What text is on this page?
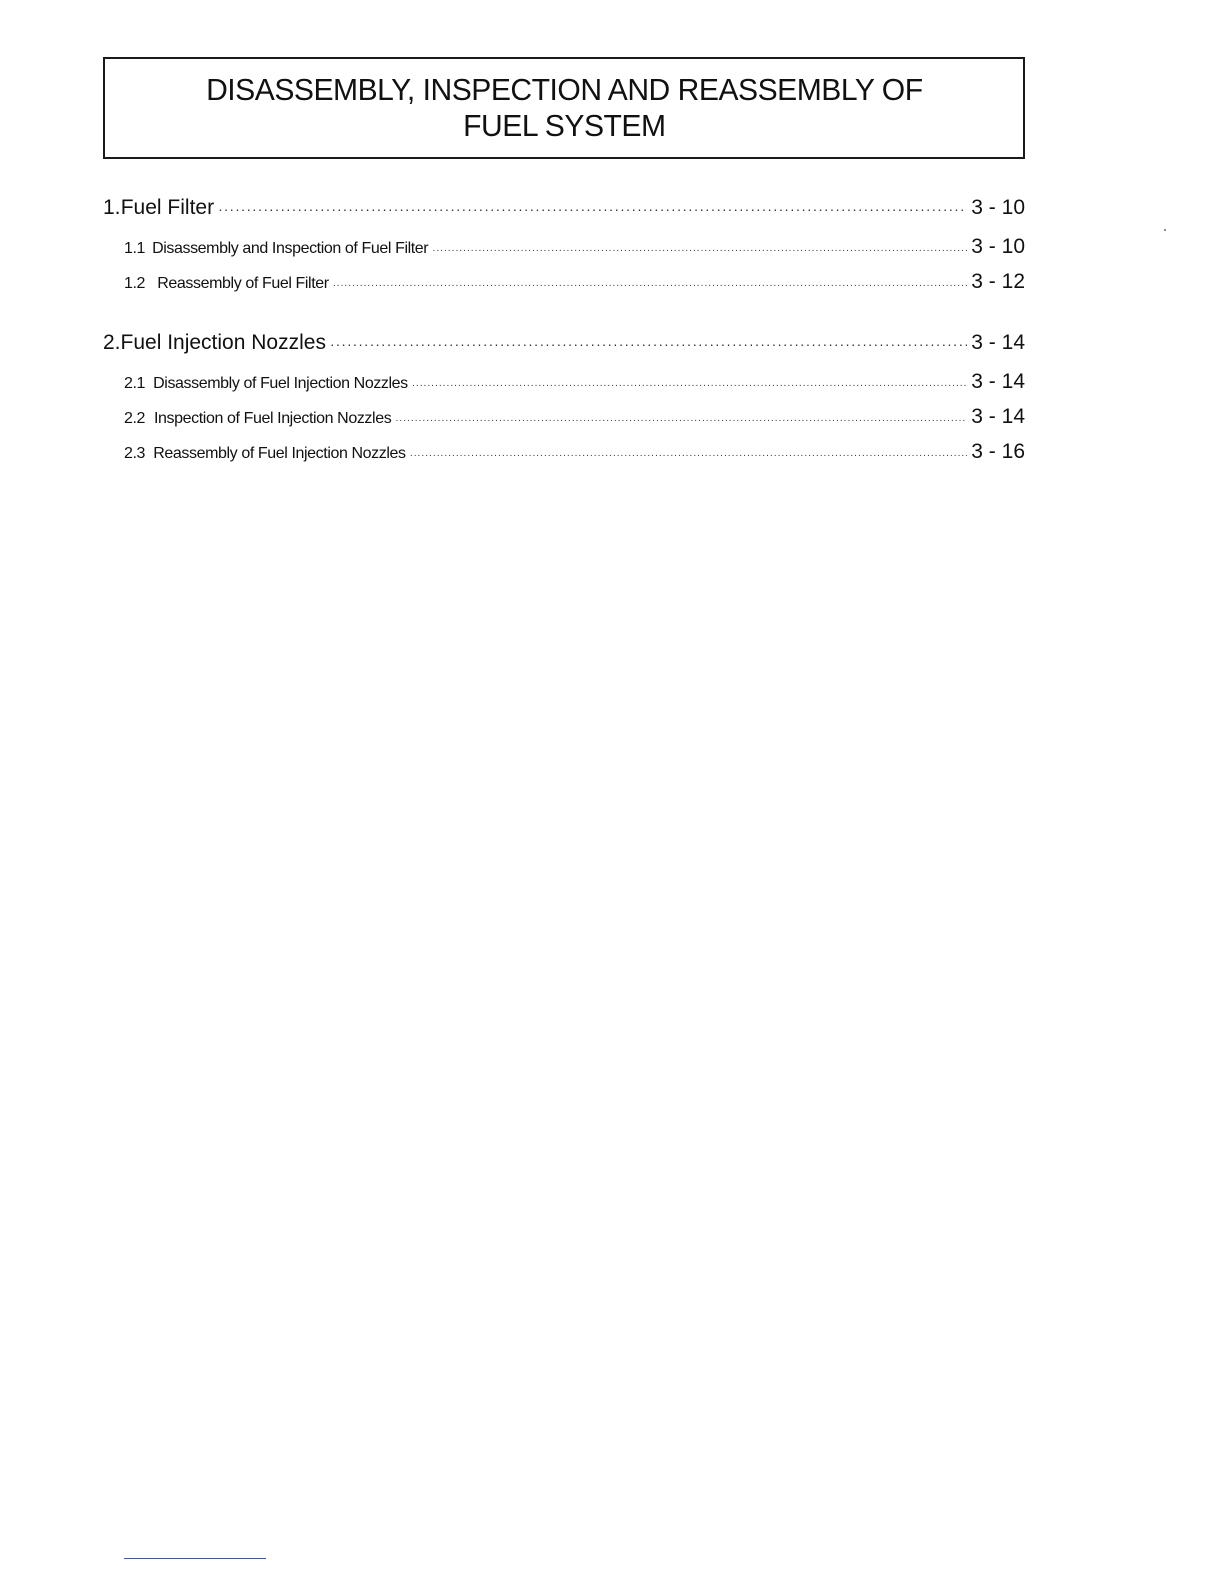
DISASSEMBLY, INSPECTION AND REASSEMBLY OF
FUEL SYSTEM
1. Fuel Filter ·····	3 - 10
1.1 Disassembly and Inspection of Fuel Filter ·····	3 - 10
1.2 Reassembly of Fuel Filter ·····	3 - 12
2. Fuel Injection Nozzles ·····	3 - 14
2.1 Disassembly of Fuel Injection Nozzles ·····	3 - 14
2.2 Inspection of Fuel Injection Nozzles ·····	3 - 14
2.3 Reassembly of Fuel Injection Nozzles ·····	3 - 16
